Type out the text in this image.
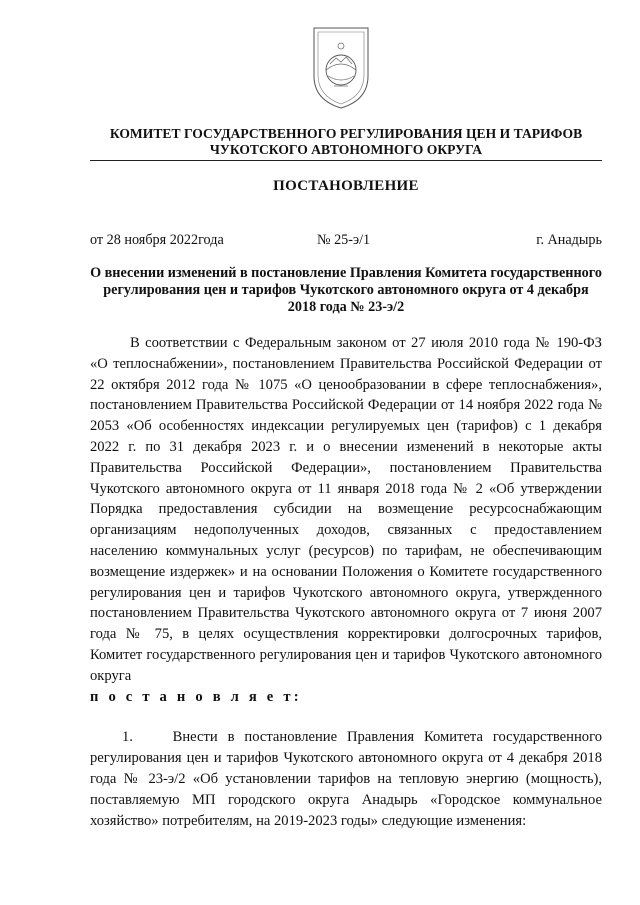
КОМИТЕТ ГОСУДАРСТВЕННОГО РЕГУЛИРОВАНИЯ ЦЕН И ТАРИФОВ
ЧУКОТСКОГО АВТОНОМНОГО ОКРУГА
ПОСТАНОВЛЕНИЕ
от 28 ноября 2022года	№ 25-э/1	г. Анадырь
О внесении изменений в постановление Правления Комитета государственного регулирования цен и тарифов Чукотского автономного округа от 4 декабря 2018 года № 23-э/2

В соответствии с Федеральным законом от 27 июля 2010 года № 190-ФЗ «О теплоснабжении», постановлением Правительства Российской Федерации от 22 октября 2012 года № 1075 «О ценообразовании в сфере теплоснабжения», постановлением Правительства Российской Федерации от 14 ноября 2022 года № 2053 «Об особенностях индексации регулируемых цен (тарифов) с 1 декабря 2022 г. по 31 декабря 2023 г. и о внесении изменений в некоторые акты Правительства Российской Федерации», постановлением Правительства Чукотского автономного округа от 11 января 2018 года № 2 «Об утверждении Порядка предоставления субсидии на возмещение ресурсоснабжающим организациям недополученных доходов, связанных с предоставлением населению коммунальных услуг (ресурсов) по тарифам, не обеспечивающим возмещение издержек» и на основании Положения о Комитете государственного регулирования цен и тарифов Чукотского автономного округа, утвержденного постановлением Правительства Чукотского автономного округа от 7 июня 2007 года № 75, в целях осуществления корректировки долгосрочных тарифов, Комитет государственного регулирования цен и тарифов Чукотского автономного округа

п о с т а н о в л я е т:

1.    Внести в постановление Правления Комитета государственного регулирования цен и тарифов Чукотского автономного округа от 4 декабря 2018 года № 23-э/2 «Об установлении тарифов на тепловую энергию (мощность), поставляемую МП городского округа Анадырь «Городское коммунальное хозяйство» потребителям, на 2019-2023 годы» следующие изменения:
